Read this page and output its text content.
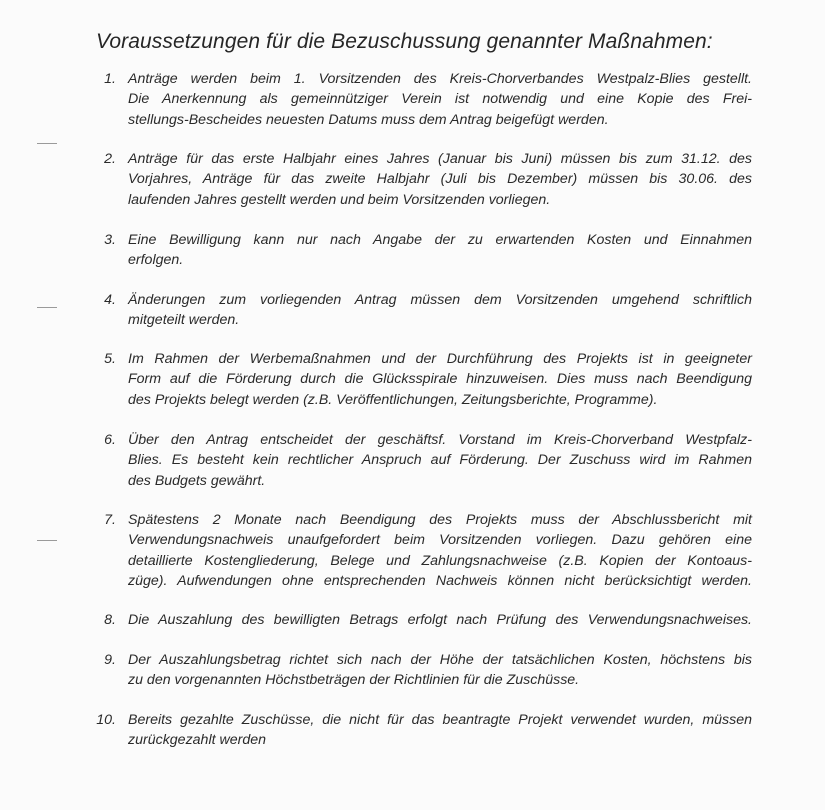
Voraussetzungen für die Bezuschussung genannter Maßnahmen:
1. Anträge werden beim 1. Vorsitzenden des Kreis-Chorverbandes Westpalz-Blies gestellt.
Die Anerkennung als gemeinnütziger Verein ist notwendig und eine Kopie des Frei-
stellungs-Bescheides neuesten Datums muss dem Antrag beigefügt werden.
2. Anträge für das erste Halbjahr eines Jahres (Januar bis Juni) müssen bis zum 31.12. des
Vorjahres, Anträge für das zweite Halbjahr (Juli bis Dezember) müssen bis 30.06. des
laufenden Jahres gestellt werden und beim Vorsitzenden vorliegen.
3. Eine Bewilligung kann nur nach Angabe der zu erwartenden Kosten und Einnahmen
erfolgen.
4. Änderungen zum vorliegenden Antrag müssen dem Vorsitzenden umgehend schriftlich
mitgeteilt werden.
5. Im Rahmen der Werbemaßnahmen und der Durchführung des Projekts ist in geeigneter
Form auf die Förderung durch die Glücksspirale hinzuweisen. Dies muss nach Beendigung
des Projekts belegt werden (z.B. Veröffentlichungen, Zeitungsberichte, Programme).
6. Über den Antrag entscheidet der geschäftsf. Vorstand im Kreis-Chorverband Westpfalz-
Blies. Es besteht kein rechtlicher Anspruch auf Förderung. Der Zuschuss wird im Rahmen
des Budgets gewährt.
7. Spätestens 2 Monate nach Beendigung des Projekts muss der Abschlussbericht mit
Verwendungsnachweis unaufgefordert beim Vorsitzenden vorliegen. Dazu gehören eine
detaillierte Kostengliederung, Belege und Zahlungsnachweise (z.B. Kopien der Kontoaus-
züge). Aufwendungen ohne entsprechenden Nachweis können nicht berücksichtigt werden.
8. Die Auszahlung des bewilligten Betrags erfolgt nach Prüfung des Verwendungsnachweises.
9. Der Auszahlungsbetrag richtet sich nach der Höhe der tatsächlichen Kosten, höchstens bis
zu den vorgenannten Höchstbeträgen der Richtlinien für die Zuschüsse.
10. Bereits gezahlte Zuschüsse, die nicht für das beantragte Projekt verwendet wurden, müssen
zurückgezahlt werden
